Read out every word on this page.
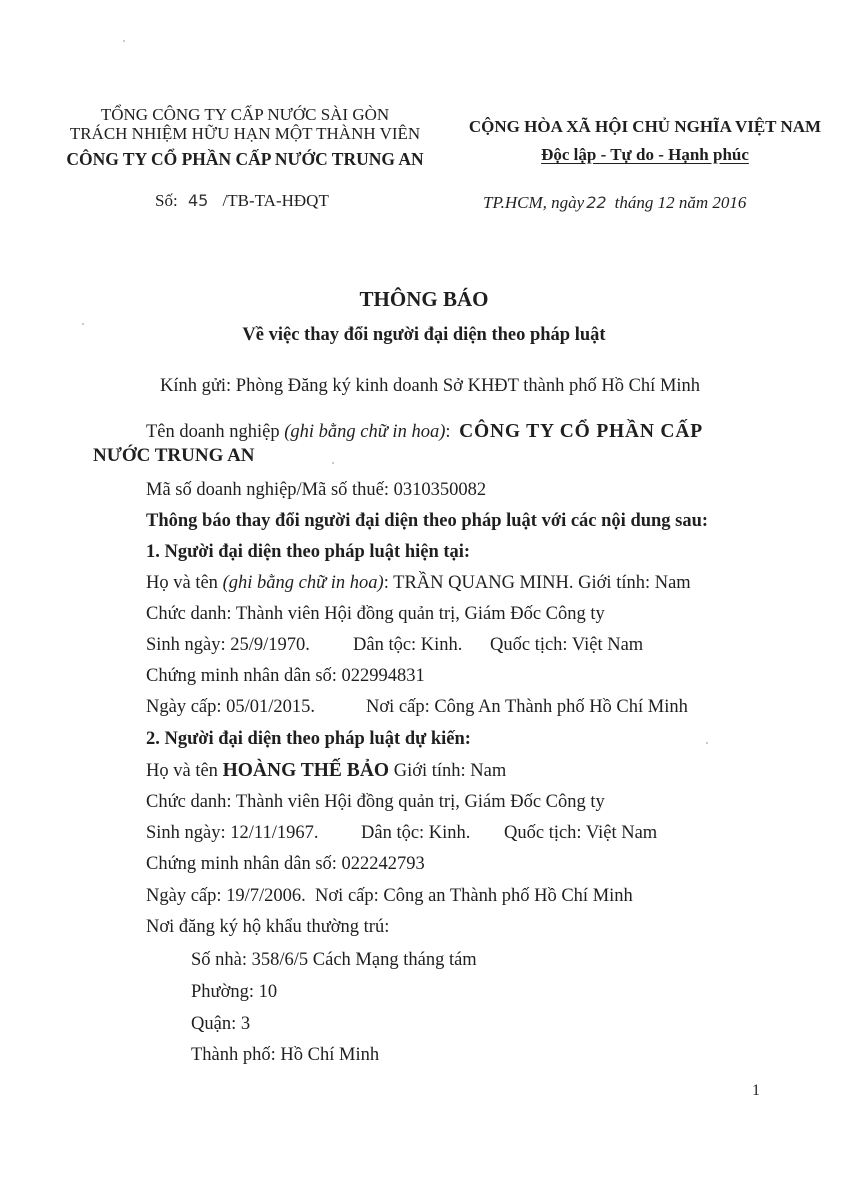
TỔNG CÔNG TY CẤP NƯỚC SÀI GÒN
TRÁCH NHIỆM HỮU HẠN MỘT THÀNH VIÊN
CÔNG TY CỔ PHẦN CẤP NƯỚC TRUNG AN
Số: 45 /TB-TA-HĐQT
CỘNG HÒA XÃ HỘI CHỦ NGHĨA VIỆT NAM
Độc lập - Tự do - Hạnh phúc
TP.HCM, ngày 22 tháng 12 năm 2016
THÔNG BÁO
Về việc thay đổi người đại diện theo pháp luật
Kính gửi: Phòng Đăng ký kinh doanh Sở KHĐT thành phố Hồ Chí Minh
Tên doanh nghiệp (ghi bằng chữ in hoa): CÔNG TY CỔ PHẦN CẤP
NƯỚC TRUNG AN
Mã số doanh nghiệp/Mã số thuế: 0310350082
Thông báo thay đổi người đại diện theo pháp luật với các nội dung sau:
1. Người đại diện theo pháp luật hiện tại:
Họ và tên (ghi bằng chữ in hoa): TRẦN QUANG MINH. Giới tính: Nam
Chức danh: Thành viên Hội đồng quản trị, Giám Đốc Công ty
Sinh ngày: 25/9/1970. Dân tộc: Kinh. Quốc tịch: Việt Nam
Chứng minh nhân dân số: 022994831
Ngày cấp: 05/01/2015.	Nơi cấp: Công An Thành phố Hồ Chí Minh
2. Người đại diện theo pháp luật dự kiến:
Họ và tên HOÀNG THẾ BẢO Giới tính: Nam
Chức danh: Thành viên Hội đồng quản trị, Giám Đốc Công ty
Sinh ngày: 12/11/1967. Dân tộc: Kinh. Quốc tịch: Việt Nam
Chứng minh nhân dân số: 022242793
Ngày cấp: 19/7/2006.  Nơi cấp: Công an Thành phố Hồ Chí Minh
Nơi đăng ký hộ khẩu thường trú:
Số nhà: 358/6/5 Cách Mạng tháng tám
Phường: 10
Quận: 3
Thành phố: Hồ Chí Minh
1
